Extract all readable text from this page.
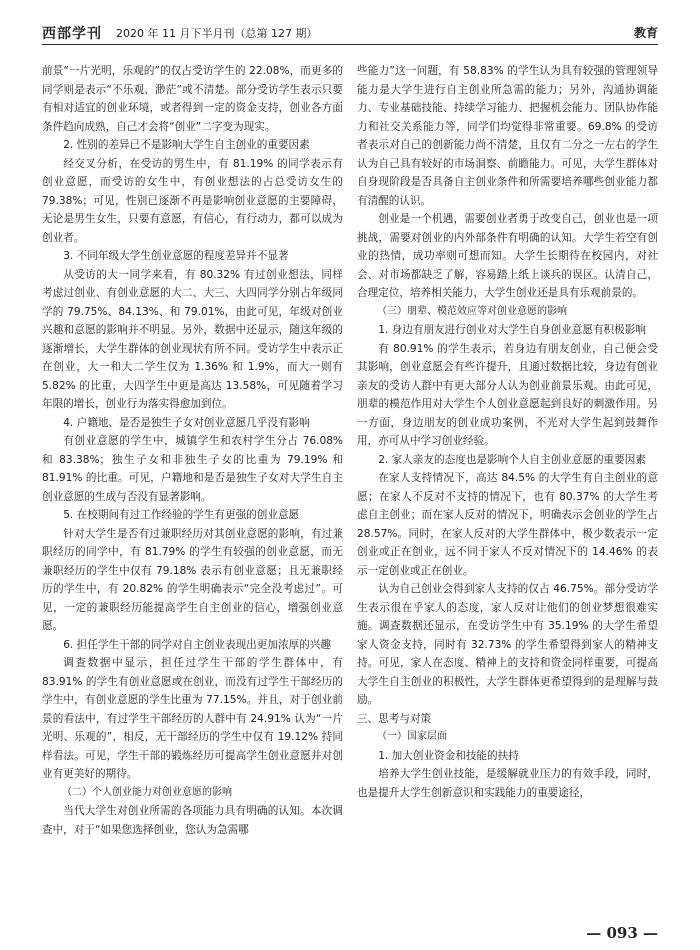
西部学刊 2020 年 11 月下半月刊（总第 127 期）	教育

前景“一片光明，乐观的”的仅占受访学生的 22.08%，而更多的同学则是表示“不乐观、渺茫”或不清楚。部分受访学生表示只要有相对适宜的创业环境，或者得到一定的资金支持，创业各方面条件趋向成熟，自己才会将“创业”二字变为现实。

2. 性别的差异已不是影响大学生自主创业的重要因素

经交叉分析，在受访的男生中，有 81.19% 的同学表示有创业意愿，而受访的女生中，有创业想法的占总受访女生的 79.38%；可见，性别已逐渐不再是影响创业意愿的主要障碍，无论是男生女生，只要有意愿，有信心，有行动力，都可以成为创业者。

3. 不同年级大学生创业意愿的程度差异并不显著

从受访的大一同学来看，有 80.32% 有过创业想法，同样考虑过创业、有创业意愿的大二、大三、大四同学分别占年级同学的 79.75%、84.13%、和 79.01%，由此可见，年级对创业兴趣和意愿的影响并不明显。另外，数据中还显示，随这年级的逐渐增长，大学生群体的创业现状有所不同。受访学生中表示正在创业，大一和大二学生仅为 1.36% 和 1.9%，而大一则有 5.82% 的比重，大四学生中更是高达 13.58%，可见随着学习年限的增长，创业行为落实得愈加到位。

4. 户籍地、是否是独生子女对创业意愿几乎没有影响

有创业意愿的学生中，城镇学生和农村学生分占 76.08% 和 83.38%；独生子女和非独生子女的比重为 79.19% 和 81.91% 的比重。可见，户籍地和是否是独生子女对大学生自主创业意愿的生成与否没有显著影响。

5. 在校期间有过工作经验的学生有更强的创业意愿

针对大学生是否有过兼职经历对其创业意愿的影响，有过兼职经历的同学中，有 81.79% 的学生有较强的创业意愿，而无兼职经历的学生中仅有 79.18% 表示有创业意愿；且无兼职经历的学生中，有 20.82% 的学生明确表示“完全没考虑过”。可见，一定的兼职经历能提高学生自主创业的信心，增强创业意愿。

6. 担任学生干部的同学对自主创业表现出更加浓厚的兴趣

调查数据中显示，担任过学生干部的学生群体中，有 83.91% 的学生有创业意愿或在创业，而没有过学生干部经历的学生中，有创业意愿的学生比重为 77.15%。并且，对于创业前景的看法中，有过学生干部经历的人群中有 24.91% 认为“一片光明、乐观的”，相反，无干部经历的学生中仅有 19.12% 持同样看法。可见，学生干部的锻炼经历可提高学生创业意愿并对创业有更美好的期待。

（二）个人创业能力对创业意愿的影响

当代大学生对创业所需的各项能力具有明确的认知。本次调查中，对于“如果您选择创业，您认为急需哪

些能力”这一问题，有 58.83% 的学生认为具有较强的管理领导能力是大学生进行自主创业所急需的能力；另外，沟通协调能力、专业基础技能、持续学习能力、把握机会能力、团队协作能力和社交关系能力等，同学们均觉得非常重要。69.8% 的受访者表示对自己的创新能力尚不清楚，且仅有二分之一左右的学生认为自己具有较好的市场洞察、前瞻能力。可见，大学生群体对自身现阶段是否具备自主创业条件和所需要培养哪些创业能力都有清醒的认识。

创业是一个机遇，需要创业者勇于改变自己，创业也是一项挑战，需要对创业的内外部条件有明确的认知。大学生若空有创业的热情，成功率则可想而知。大学生长期待在校园内，对社会、对市场都缺乏了解，容易踏上纸上谈兵的误区。认清自己，合理定位，培养相关能力，大学生创业还是具有乐观前景的。

（三）朋辈、模范效应等对创业意愿的影响

1. 身边有朋友进行创业对大学生自身创业意愿有积极影响

有 80.91% 的学生表示，若身边有朋友创业，自己便会受其影响，创业意愿会有些许提升，且通过数据比较，身边有创业亲友的受访人群中有更大部分人认为创业前景乐观。由此可见，朋辈的模范作用对大学生个人创业意愿起到良好的刺激作用。另一方面，身边朋友的创业成功案例，不光对大学生起到鼓舞作用，亦可从中学习创业经验。

2. 家人亲友的态度也是影响个人自主创业意愿的重要因素

在家人支持情况下，高达 84.5% 的大学生有自主创业的意愿；在家人不反对不支持的情况下，也有 80.37% 的大学生考虑自主创业；而在家人反对的情况下，明确表示会创业的学生占 28.57%。同时，在家人反对的大学生群体中，极少数表示一定创业或正在创业，远不同于家人不反对情况下的 14.46% 的表示一定创业或正在创业。

认为自己创业会得到家人支持的仅占 46.75%。部分受访学生表示很在乎家人的态度，家人反对让他们的创业梦想很难实施。调查数据还显示，在受访学生中有 35.19% 的大学生希望家人资金支持，同时有 32.73% 的学生希望得到家人的精神支持。可见，家人在态度、精神上的支持和资金同样重要，可提高大学生自主创业的积极性，大学生群体更希望得到的是理解与鼓励。

三、思考与对策

（一）国家层面

1. 加大创业资金和技能的扶持

培养大学生创业技能，是缓解就业压力的有效手段，同时，也是提升大学生创新意识和实践能力的重要途径，

— 093 —
